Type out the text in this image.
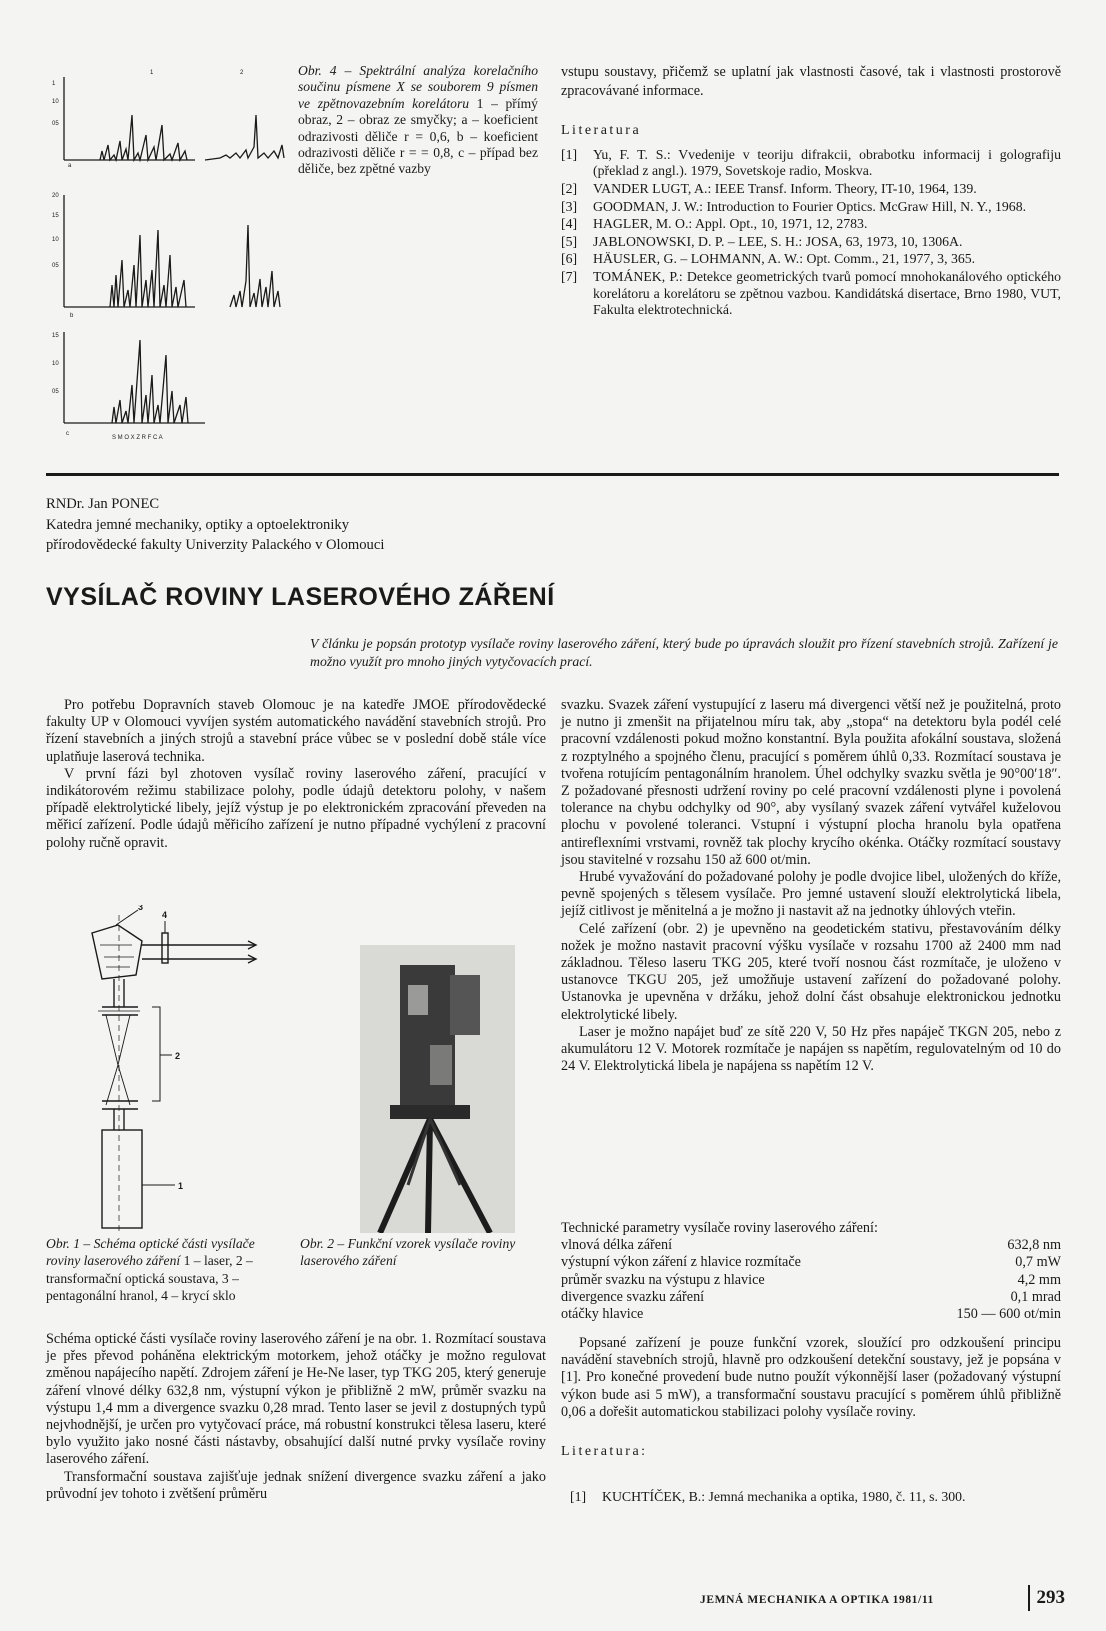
1
10
05
20
15
10
05
15
10
05
1	2
a
b
c
S M O X Z R F C A
Obr. 4 – Spektrální analýza korelačního součinu písmene X se souborem 9 písmen ve zpětnovazebním korelátoru 1 – přímý obraz, 2 – obraz ze smyčky; a – koeficient odrazivosti děliče r = 0,6, b – koeficient odrazivosti děliče r = = 0,8, c – případ bez děliče, bez zpětné vazby

vstupu soustavy, přičemž se uplatní jak vlastnosti časové, tak i vlastnosti prostorově zpracovávané informace.

Literatura

[1]	Yu, F. T. S.: Vvedenije v teoriju difrakcii, obrabotku informacij i golografiju (překlad z angl.). 1979, Sovetskoje radio, Moskva.
[2]	VANDER LUGT, A.: IEEE Transf. Inform. Theory, IT-10, 1964, 139.
[3]	GOODMAN, J. W.: Introduction to Fourier Optics. McGraw Hill, N. Y., 1968.
[4]	HAGLER, M. O.: Appl. Opt., 10, 1971, 12, 2783.
[5]	JABLONOWSKI, D. P. – LEE, S. H.: JOSA, 63, 1973, 10, 1306A.
[6]	HÄUSLER, G. – LOHMANN, A. W.: Opt. Comm., 21, 1977, 3, 365.
[7]	TOMÁNEK, P.: Detekce geometrických tvarů pomocí mnohokanálového optického korelátoru a korelátoru se zpětnou vazbou. Kandidátská disertace, Brno 1980, VUT, Fakulta elektrotechnická.

RNDr. Jan PONEC

Katedra jemné mechaniky, optiky a optoelektroniky

přírodovědecké fakulty Univerzity Palackého v Olomouci

VYSÍLAČ ROVINY LASEROVÉHO ZÁŘENÍ
V článku je popsán prototyp vysílače roviny laserového záření, který bude po úpravách sloužit pro řízení stavebních strojů. Zařízení je možno využít pro mnoho jiných vytyčovacích prací.

Pro potřebu Dopravních staveb Olomouc je na katedře JMOE přírodovědecké fakulty UP v Olomouci vyvíjen systém automatického navádění stavebních strojů. Pro řízení stavebních a jiných strojů a stavební práce vůbec se v poslední době stále více uplatňuje laserová technika.

V první fázi byl zhotoven vysílač roviny laserového záření, pracující v indikátorovém režimu stabilizace polohy, podle údajů detektoru polohy, v našem případě elektrolytické libely, jejíž výstup je po elektronickém zpracování převeden na měřicí zařízení. Podle údajů měřicího zařízení je nutno případné vychýlení z pracovní polohy ručně opravit.

3
4
2
1
Obr. 1 – Schéma optické části vysílače roviny laserového záření 1 – laser, 2 – transformační optická soustava, 3 – pentagonální hranol, 4 – krycí sklo
Obr. 2 – Funkční vzorek vysílače roviny laserového záření

Schéma optické části vysílače roviny laserového záření je na obr. 1. Rozmítací soustava je přes převod poháněna elektrickým motorkem, jehož otáčky je možno regulovat změnou napájecího napětí. Zdrojem záření je He-Ne laser, typ TKG 205, který generuje záření vlnové délky 632,8 nm, výstupní výkon je přibližně 2 mW, průměr svazku na výstupu 1,4 mm a divergence svazku 0,28 mrad. Tento laser se jevil z dostupných typů nejvhodnější, je určen pro vytyčovací práce, má robustní konstrukci tělesa laseru, které bylo využito jako nosné části nástavby, obsahující další nutné prvky vysílače roviny laserového záření.

Transformační soustava zajišťuje jednak snížení divergence svazku záření a jako průvodní jev tohoto i zvětšení průměru

svazku. Svazek záření vystupující z laseru má divergenci větší než je použitelná, proto je nutno ji zmenšit na přijatelnou míru tak, aby „stopa“ na detektoru byla podél celé pracovní vzdálenosti pokud možno konstantní. Byla použita afokální soustava, složená z rozptylného a spojného členu, pracující s poměrem úhlů 0,33. Rozmítací soustava je tvořena rotujícím pentagonálním hranolem. Úhel odchylky svazku světla je 90°00′18″. Z požadované přesnosti udržení roviny po celé pracovní vzdálenosti plyne i povolená tolerance na chybu odchylky od 90°, aby vysílaný svazek záření vytvářel kuželovou plochu v povolené toleranci. Vstupní i výstupní plocha hranolu byla opatřena antireflexními vrstvami, rovněž tak plochy krycího okénka. Otáčky rozmítací soustavy jsou stavitelné v rozsahu 150 až 600 ot/min.

Hrubé vyvažování do požadované polohy je podle dvojice libel, uložených do kříže, pevně spojených s tělesem vysílače. Pro jemné ustavení slouží elektrolytická libela, jejíž citlivost je měnitelná a je možno ji nastavit až na jednotky úhlových vteřin.

Celé zařízení (obr. 2) je upevněno na geodetickém stativu, přestavováním délky nožek je možno nastavit pracovní výšku vysílače v rozsahu 1700 až 2400 mm nad základnou. Těleso laseru TKG 205, které tvoří nosnou část rozmítače, je uloženo v ustanovce TKGU 205, jež umožňuje ustavení zařízení do požadované polohy. Ustanovka je upevněna v držáku, jehož dolní část obsahuje elektronickou jednotku elektrolytické libely.

Laser je možno napájet buď ze sítě 220 V, 50 Hz přes napáječ TKGN 205, nebo z akumulátoru 12 V. Motorek rozmítače je napájen ss napětím, regulovatelným od 10 do 24 V. Elektrolytická libela je napájena ss napětím 12 V.

Technické parametry vysílače roviny laserového záření:

vlnová délka záření	632,8 nm
výstupní výkon záření z hlavice rozmítače	0,7 mW
průměr svazku na výstupu z hlavice	4,2 mm
divergence svazku záření	0,1 mrad
otáčky hlavice	150 — 600 ot/min

Popsané zařízení je pouze funkční vzorek, sloužící pro odzkoušení principu navádění stavebních strojů, hlavně pro odzkoušení detekční soustavy, jež je popsána v [1]. Pro konečné provedení bude nutno použít výkonnější laser (požadovaný výstupní výkon bude asi 5 mW), a transformační soustavu pracující s poměrem úhlů přibližně 0,06 a dořešit automatickou stabilizaci polohy vysílače roviny.

Literatura:

[1]	KUCHTÍČEK, B.: Jemná mechanika a optika, 1980, č. 11, s. 300.
JEMNÁ MECHANIKA A OPTIKA 1981/11	293
